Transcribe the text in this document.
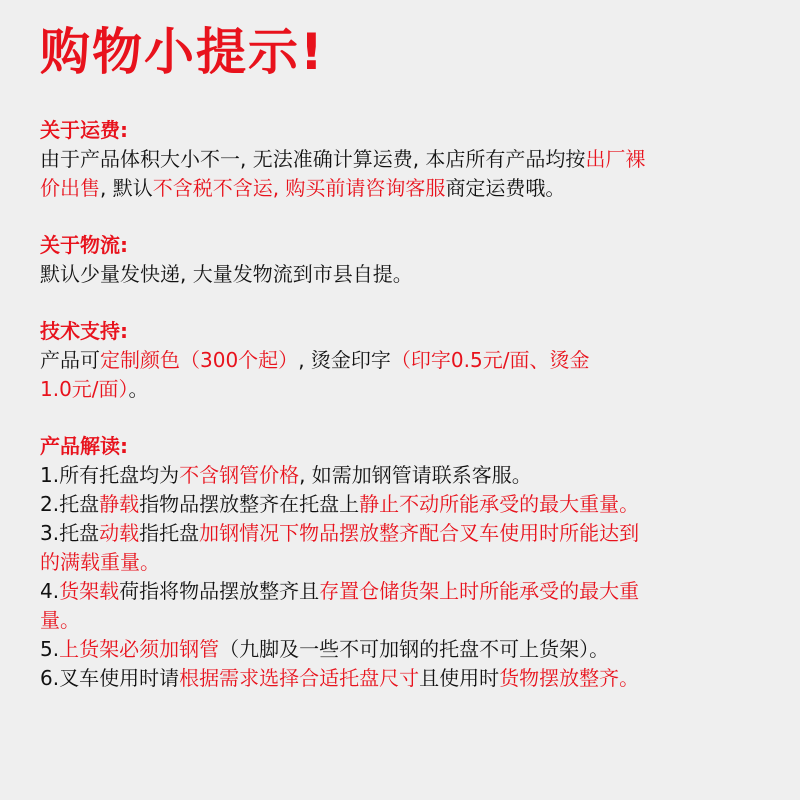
购物小提示!

关于运费:

由于产品体积大小不一, 无法准确计算运费, 本店所有产品均按出厂裸

价出售, 默认不含税不含运, 购买前请咨询客服商定运费哦。

关于物流:

默认少量发快递, 大量发物流到市县自提。

技术支持:

产品可定制颜色（300个起）, 烫金印字（印字0.5元/面、烫金

1.0元/面）。

产品解读:

1.所有托盘均为不含钢管价格, 如需加钢管请联系客服。

2.托盘静载指物品摆放整齐在托盘上静止不动所能承受的最大重量。

3.托盘动载指托盘加钢情况下物品摆放整齐配合叉车使用时所能达到

的满载重量。

4.货架载荷指将物品摆放整齐且存置仓储货架上时所能承受的最大重

量。

5.上货架必须加钢管（九脚及一些不可加钢的托盘不可上货架）。

6.叉车使用时请根据需求选择合适托盘尺寸且使用时货物摆放整齐。
